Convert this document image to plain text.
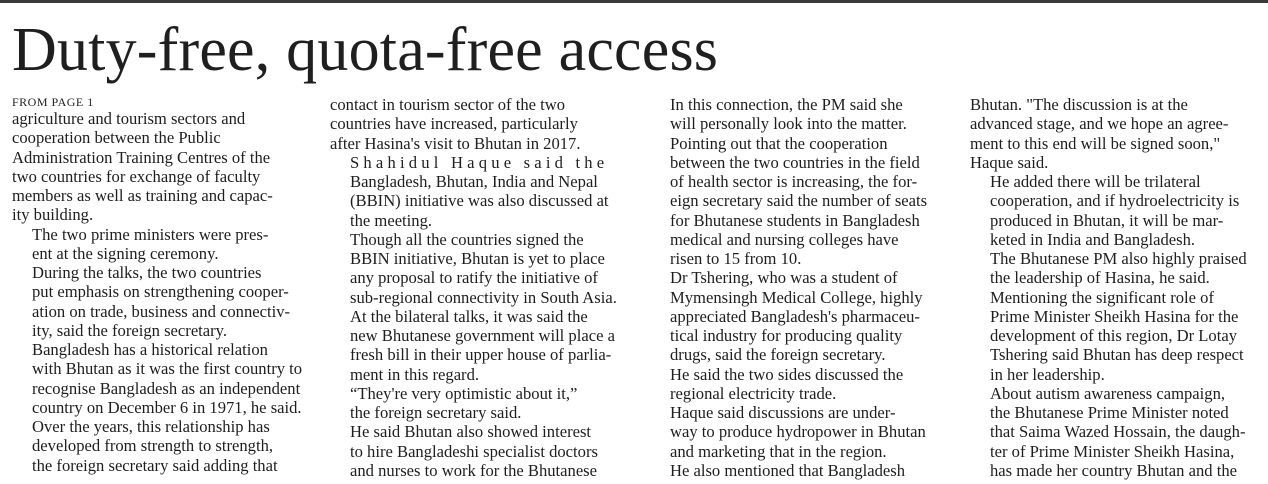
Duty-free, quota-free access
FROM PAGE 1

agriculture and tourism sectors and
cooperation between the Public
Administration Training Centres of the
two countries for exchange of faculty
members as well as training and capac-
ity building.

The two prime ministers were pres-
ent at the signing ceremony.

During the talks, the two countries
put emphasis on strengthening cooper-
ation on trade, business and connectiv-
ity, said the foreign secretary.

Bangladesh has a historical relation
with Bhutan as it was the first country to
recognise Bangladesh as an independent
country on December 6 in 1971, he said.

Over the years, this relationship has
developed from strength to strength,
the foreign secretary said adding that

contact in tourism sector of the two
countries have increased, particularly
after Hasina's visit to Bhutan in 2017.

Shahidul Haque said the
Bangladesh, Bhutan, India and Nepal
(BBIN) initiative was also discussed at
the meeting.

Though all the countries signed the
BBIN initiative, Bhutan is yet to place
any proposal to ratify the initiative of
sub-regional connectivity in South Asia.

At the bilateral talks, it was said the
new Bhutanese government will place a
fresh bill in their upper house of parlia-
ment in this regard.

“They're very optimistic about it,”
the foreign secretary said.

He said Bhutan also showed interest
to hire Bangladeshi specialist doctors
and nurses to work for the Bhutanese

In this connection, the PM said she
will personally look into the matter.

Pointing out that the cooperation
between the two countries in the field
of health sector is increasing, the for-
eign secretary said the number of seats
for Bhutanese students in Bangladesh
medical and nursing colleges have
risen to 15 from 10.

Dr Tshering, who was a student of
Mymensingh Medical College, highly
appreciated Bangladesh's pharmaceu-
tical industry for producing quality
drugs, said the foreign secretary.

He said the two sides discussed the
regional electricity trade.

Haque said discussions are under-
way to produce hydropower in Bhutan
and marketing that in the region.

He also mentioned that Bangladesh

Bhutan. "The discussion is at the
advanced stage, and we hope an agree-
ment to this end will be signed soon,"
Haque said.

He added there will be trilateral
cooperation, and if hydroelectricity is
produced in Bhutan, it will be mar-
keted in India and Bangladesh.

The Bhutanese PM also highly praised
the leadership of Hasina, he said.

Mentioning the significant role of
Prime Minister Sheikh Hasina for the
development of this region, Dr Lotay
Tshering said Bhutan has deep respect
in her leadership.

About autism awareness campaign,
the Bhutanese Prime Minister noted
that Saima Wazed Hossain, the daugh-
ter of Prime Minister Sheikh Hasina,
has made her country Bhutan and the
